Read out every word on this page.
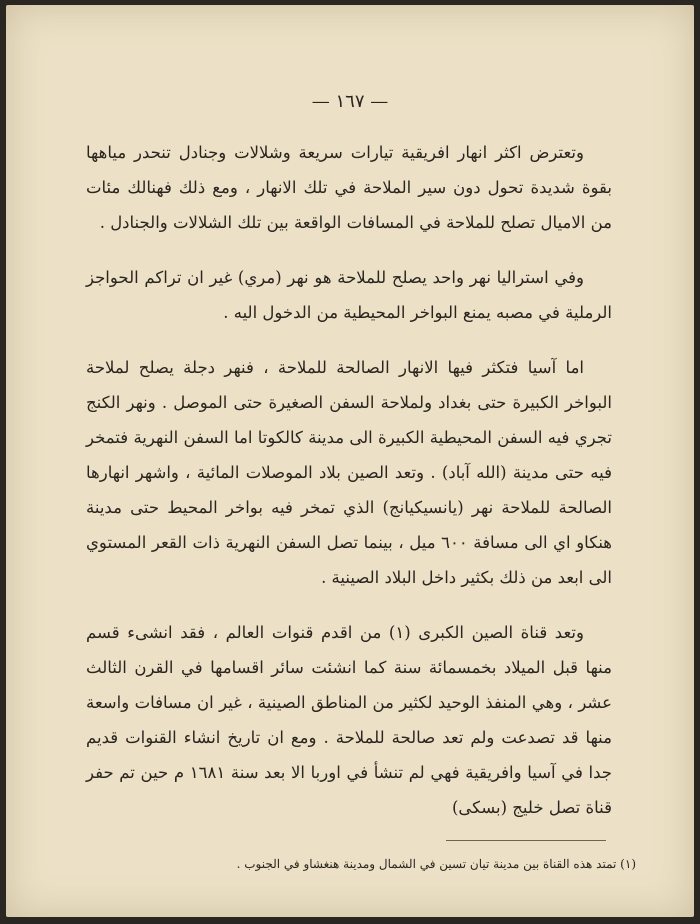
— ١٦٧ —

وتعترض اكثر انهار افريقية تيارات سريعة وشلالات وجنادل تنحدر مياهها بقوة شديدة تحول دون سير الملاحة في تلك الانهار ، ومع ذلك فهنالك مئات من الاميال تصلح للملاحة في المسافات الواقعة بين تلك الشلالات والجنادل .

وفي استراليا نهر واحد يصلح للملاحة هو نهر (مري) غير ان تراكم الحواجز الرملية في مصبه يمنع البواخر المحيطية من الدخول اليه .

اما آسيا فتكثر فيها الانهار الصالحة للملاحة ، فنهر دجلة يصلح لملاحة البواخر الكبيرة حتى بغداد ولملاحة السفن الصغيرة حتى الموصل . ونهر الكنج تجري فيه السفن المحيطية الكبيرة الى مدينة كالكوتا اما السفن النهرية فتمخر فيه حتى مدينة (الله آباد) . وتعد الصين بلاد الموصلات المائية ، واشهر انهارها الصالحة للملاحة نهر (يانسيكيانج) الذي تمخر فيه بواخر المحيط حتى مدينة هنكاو اي الى مسافة ٦٠٠ ميل ، بينما تصل السفن النهرية ذات القعر المستوي الى ابعد من ذلك بكثير داخل البلاد الصينية .

وتعد قناة الصين الكبرى (١) من اقدم قنوات العالم ، فقد انشىء قسم منها قبل الميلاد بخمسمائة سنة كما انشئت سائر اقسامها في القرن الثالث عشر ، وهي المنفذ الوحيد لكثير من المناطق الصينية ، غير ان مسافات واسعة منها قد تصدعت ولم تعد صالحة للملاحة . ومع ان تاريخ انشاء القنوات قديم جدا في آسيا وافريقية فهي لم تنشأ في اوربا الا بعد سنة ١٦٨١ م حين تم حفر قناة تصل خليج (بسكى)

(١) تمتد هذه القناة بين مدينة تيان تسين في الشمال ومدينة هنغشاو في الجنوب .
